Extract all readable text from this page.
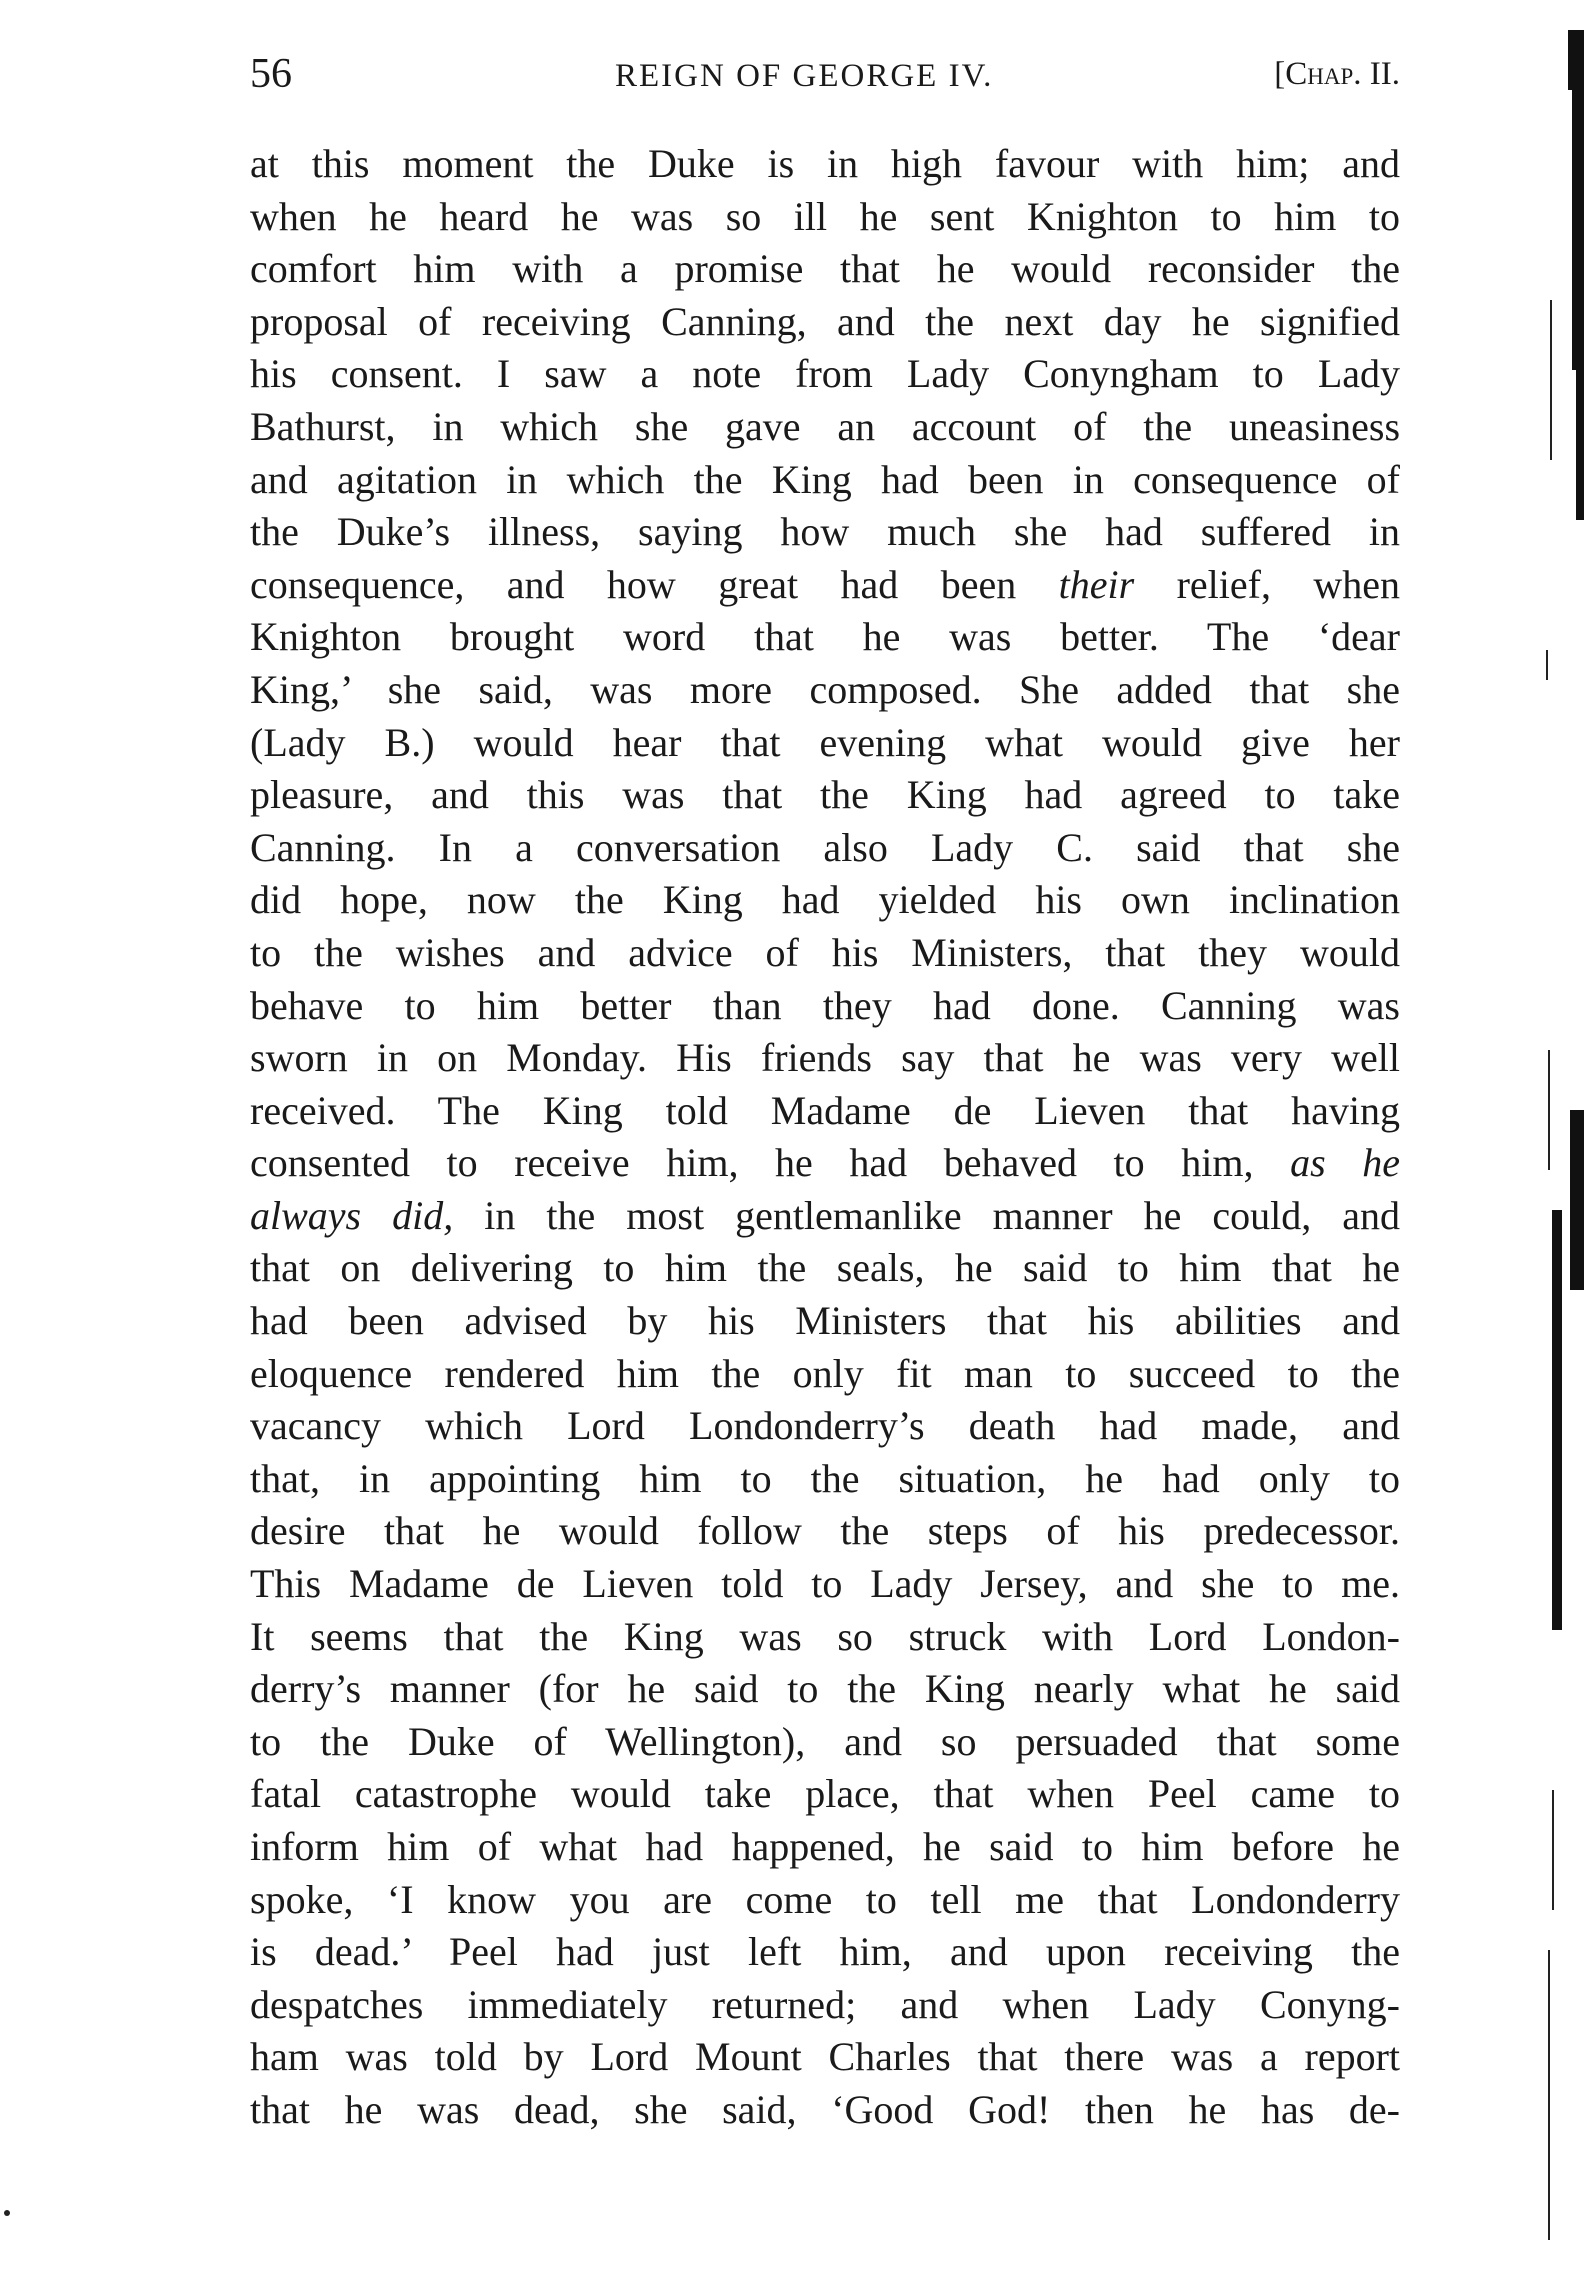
56	REIGN OF GEORGE IV.	[Chap. II.
at this moment the Duke is in high favour with him; and
when he heard he was so ill he sent Knighton to him to
comfort him with a promise that he would reconsider the
proposal of receiving Canning, and the next day he signified
his consent. I saw a note from Lady Conyngham to Lady
Bathurst, in which she gave an account of the uneasiness
and agitation in which the King had been in consequence of
the Duke’s illness, saying how much she had suffered in
consequence, and how great had been their relief, when
Knighton brought word that he was better. The ‘dear
King,’ she said, was more composed. She added that she
(Lady B.) would hear that evening what would give her
pleasure, and this was that the King had agreed to take
Canning. In a conversation also Lady C. said that she
did hope, now the King had yielded his own inclination
to the wishes and advice of his Ministers, that they would
behave to him better than they had done. Canning was
sworn in on Monday. His friends say that he was very well
received. The King told Madame de Lieven that having
consented to receive him, he had behaved to him, as he
always did, in the most gentlemanlike manner he could, and
that on delivering to him the seals, he said to him that he
had been advised by his Ministers that his abilities and
eloquence rendered him the only fit man to succeed to the
vacancy which Lord Londonderry’s death had made, and
that, in appointing him to the situation, he had only to
desire that he would follow the steps of his predecessor.
This Madame de Lieven told to Lady Jersey, and she to me.
It seems that the King was so struck with Lord London-
derry’s manner (for he said to the King nearly what he said
to the Duke of Wellington), and so persuaded that some
fatal catastrophe would take place, that when Peel came to
inform him of what had happened, he said to him before he
spoke, ‘I know you are come to tell me that Londonderry
is dead.’ Peel had just left him, and upon receiving the
despatches immediately returned; and when Lady Conyng-
ham was told by Lord Mount Charles that there was a report
that he was dead, she said, ‘Good God! then he has de-
